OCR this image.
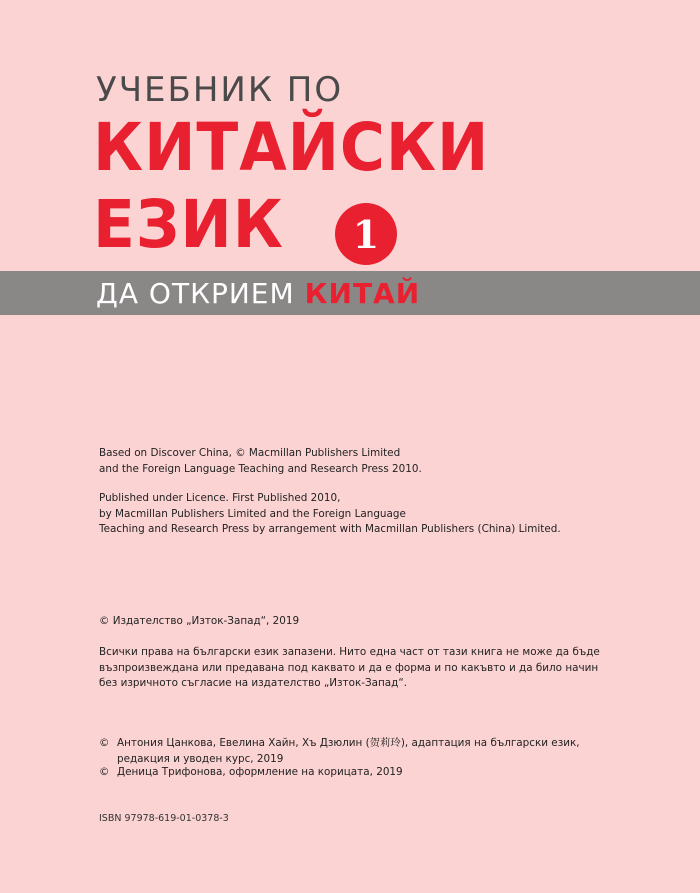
УЧЕБНИК ПО
КИТАЙСКИ
ЕЗИК	1
ДА ОТКРИЕМ КИТАЙ

Based on Discover China, © Macmillan Publishers Limited

and the Foreign Language Teaching and Research Press 2010.

Published under Licence. First Published 2010,

by Macmillan Publishers Limited and the Foreign Language

Teaching and Research Press by arrangement with Macmillan Publishers (China) Limited.

© Издателство „Изток-Запад“, 2019

Всички права на български език запазени. Нито една част от тази книга не може да бъде

възпроизвеждана или предавана под каквато и да е форма и по какъвто и да било начин

без изричното съгласие на издателство „Изток-Запад“.

© Антония Цанкова, Евелина Хайн, Хъ Дзюлин (贺莉玲), адаптация на български език,

редакция и уводен курс, 2019

© Деница Трифонова, оформление на корицата, 2019
ISBN 97978-619-01-0378-3
